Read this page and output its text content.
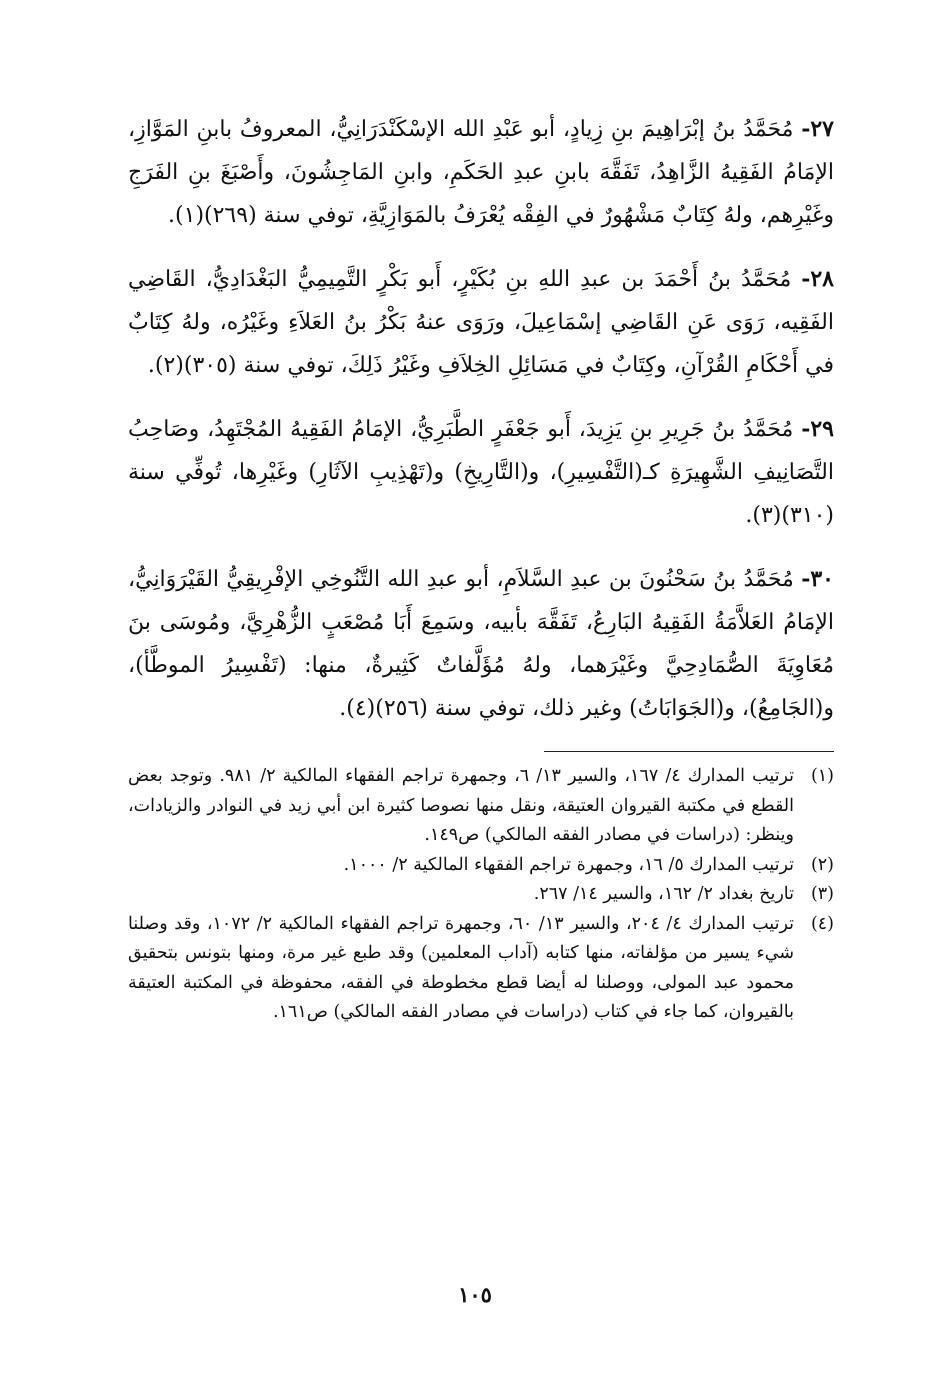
٢٧- مُحَمَّدُ بنُ إبْرَاهِيمَ بنِ زِيادٍ، أبو عَبْدِ الله الإسْكَنْدَرَانِيُّ، المعروفُ بابنِ المَوَّازِ، الإمَامُ الفَقِيهُ الزَّاهِدُ، تَفَقَّهَ بابنِ عبدِ الحَكَمِ، وابنِ المَاجِشُونَ، وأَصْبَغَ بنِ الفَرَجِ وغَيْرِهم، ولهُ كِتَابٌ مَشْهُورٌ في الفِقْه يُعْرَفُ بالمَوَازِيَّةِ، توفي سنة (٢٦٩)(١).
٢٨- مُحَمَّدُ بنُ أَحْمَدَ بن عبدِ اللهِ بنِ بُكَيْرٍ، أَبو بَكْرٍ التَّمِيمِيُّ البَغْدَادِيُّ، القَاضِي الفَقِيه، رَوَى عَنِ القَاضِي إسْمَاعِيلَ، ورَوَى عنهُ بَكْرُ بنُ العَلاَءِ وغَيْرُه، ولهُ كِتَابٌ في أَحْكَامِ القُرْآنِ، وكِتَابٌ في مَسَائِلِ الخِلاَفِ وغَيْرُ ذَلِكَ، توفي سنة (٣٠٥)(٢).
٢٩- مُحَمَّدُ بنُ جَرِيرِ بنِ يَزِيدَ، أَبو جَعْفَرٍ الطَّبَرِيُّ، الإمَامُ الفَقِيهُ المُجْتَهِدُ، وصَاحِبُ التَّصَانِيفِ الشَّهِيرَةِ كـ(التَّفْسِيرِ)، و(التَّارِيخِ) و(تَهْذِيبِ الآثَارِ) وغَيْرِها، تُوفِّي سنة (٣١٠)(٣).
٣٠- مُحَمَّدُ بنُ سَحْنُونَ بن عبدِ السَّلاَمِ، أبو عبدِ الله التَّنُوخِي الإفْرِيقِيُّ القَيْرَوَانِيُّ، الإمَامُ العَلاَّمَةُ الفَقِيهُ البَارِعُ، تَفَقَّهَ بأبيه، وسَمِعَ أَبَا مُصْعَبٍ الزُّهْرِيَّ، ومُوسَى بنَ مُعَاوِيَةَ الصُّمَادِحِيَّ وغَيْرَهما، ولهُ مُؤَلَّفاتٌ كَثِيرةٌ، منها: (تَفْسِيرُ الموطَّأ)، و(الجَامِعُ)، و(الجَوَابَاتُ) وغير ذلك، توفي سنة (٢٥٦)(٤).
(١)
ترتيب المدارك ٤/ ١٦٧، والسير ١٣/ ٦، وجمهرة تراجم الفقهاء المالكية ٢/ ٩٨١. وتوجد بعض القطع في مكتبة القيروان العتيقة، ونقل منها نصوصا كثيرة ابن أبي زيد في النوادر والزيادات، وينظر: (دراسات في مصادر الفقه المالكي) ص١٤٩.
(٢)
ترتيب المدارك ٥/ ١٦، وجمهرة تراجم الفقهاء المالكية ٢/ ١٠٠٠.
(٣)
تاريخ بغداد ٢/ ١٦٢، والسير ١٤/ ٢٦٧.
(٤)
ترتيب المدارك ٤/ ٢٠٤، والسير ١٣/ ٦٠، وجمهرة تراجم الفقهاء المالكية ٢/ ١٠٧٢، وقد وصلنا شيء يسير من مؤلفاته، منها كتابه (آداب المعلمين) وقد طبع غير مرة، ومنها بتونس بتحقيق محمود عبد المولى، ووصلنا له أيضا قطع مخطوطة في الفقه، محفوظة في المكتبة العتيقة بالقيروان، كما جاء في كتاب (دراسات في مصادر الفقه المالكي) ص١٦١.
١٠٥
